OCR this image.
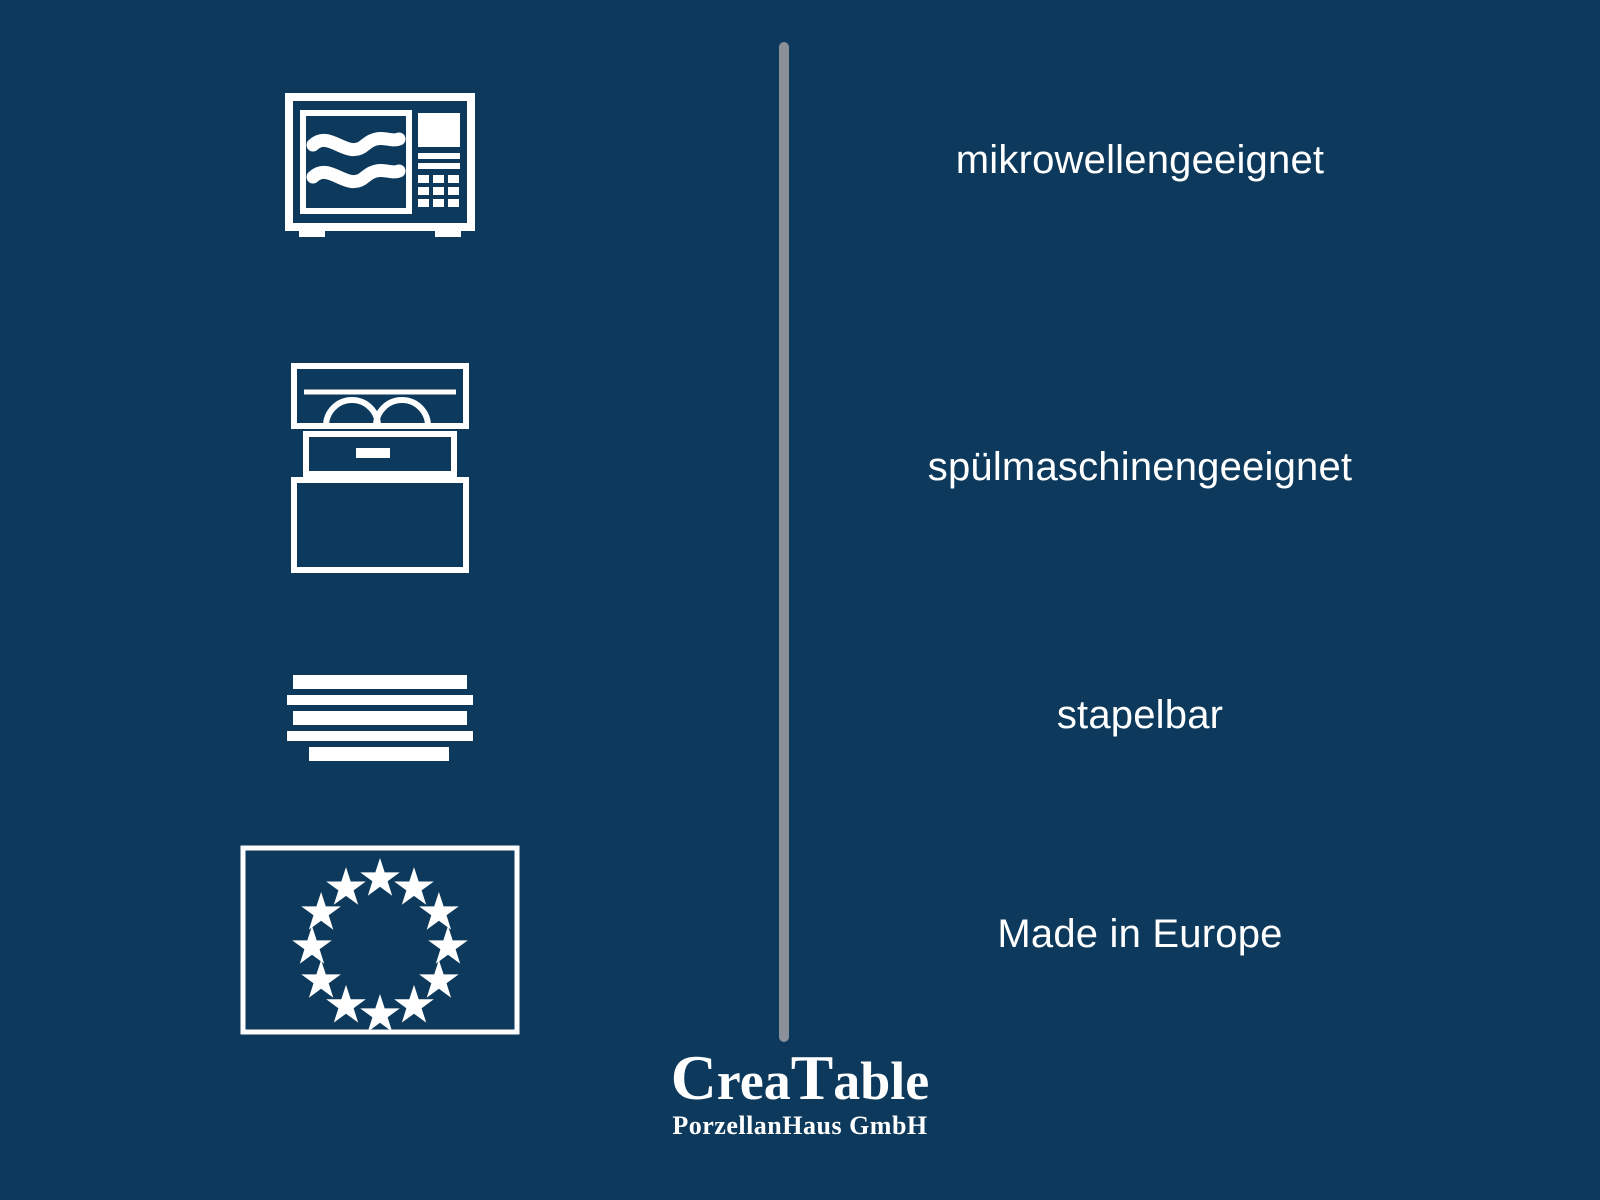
mikrowellengeeignet
spülmaschinengeeignet
stapelbar
Made in Europe
CreaTable
PorzellanHaus GmbH
